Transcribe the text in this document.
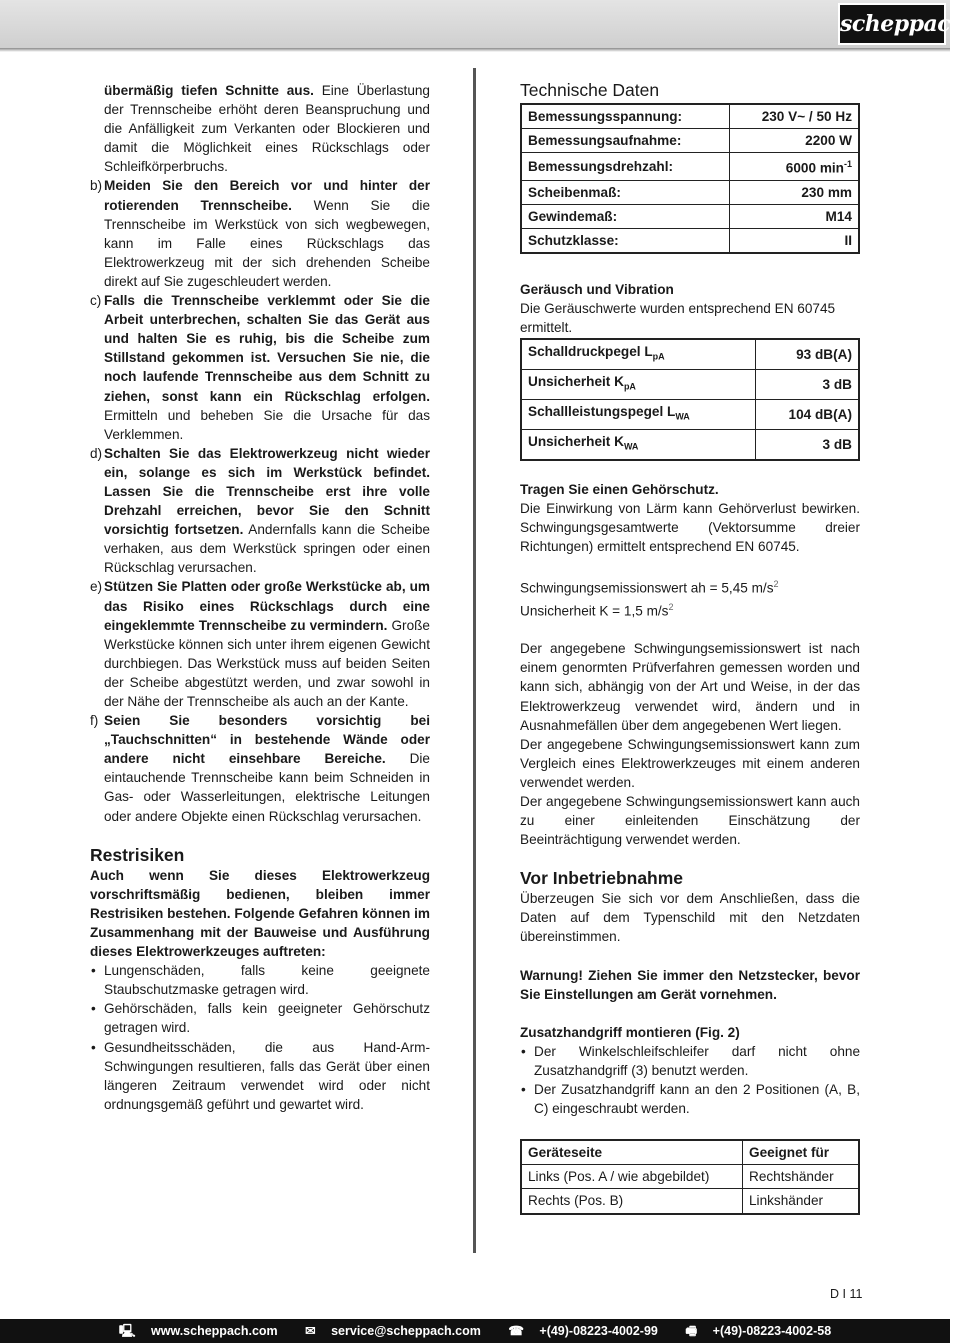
scheppach

übermäßig tiefen Schnitte aus. Eine Überlastung der Trennscheibe erhöht deren Beanspruchung und die Anfälligkeit zum Verkanten oder Blockieren und damit die Möglichkeit eines Rückschlags oder Schleifkörperbruchs.

b) Meiden Sie den Bereich vor und hinter der rotierenden Trennscheibe. Wenn Sie die Trennscheibe im Werkstück von sich wegbewegen, kann im Falle eines Rückschlags das Elektrowerkzeug mit der sich drehenden Scheibe direkt auf Sie zugeschleudert werden.
c) Falls die Trennscheibe verklemmt oder Sie die Arbeit unterbrechen, schalten Sie das Gerät aus und halten Sie es ruhig, bis die Scheibe zum Stillstand gekommen ist. Versuchen Sie nie, die noch laufende Trennscheibe aus dem Schnitt zu ziehen, sonst kann ein Rückschlag erfolgen. Ermitteln und beheben Sie die Ursache für das Verklemmen.
d) Schalten Sie das Elektrowerkzeug nicht wieder ein, solange es sich im Werkstück befindet. Lassen Sie die Trennscheibe erst ihre volle Drehzahl erreichen, bevor Sie den Schnitt vorsichtig fortsetzen. Andernfalls kann die Scheibe verhaken, aus dem Werkstück springen oder einen Rückschlag verursachen.
e) Stützen Sie Platten oder große Werkstücke ab, um das Risiko eines Rückschlags durch eine eingeklemmte Trennscheibe zu vermindern. Große Werkstücke können sich unter ihrem eigenen Gewicht durchbiegen. Das Werkstück muss auf beiden Seiten der Scheibe abgestützt werden, und zwar sowohl in der Nähe der Trennscheibe als auch an der Kante.
f) Seien Sie besonders vorsichtig bei „Tauchschnitten“ in bestehende Wände oder andere nicht einsehbare Bereiche. Die eintauchende Trennscheibe kann beim Schneiden in Gas- oder Wasserleitungen, elektrische Leitungen oder andere Objekte einen Rückschlag verursachen.
Restrisiken

Auch wenn Sie dieses Elektrowerkzeug vorschriftsmäßig bedienen, bleiben immer Restrisiken bestehen. Folgende Gefahren können im Zusammenhang mit der Bauweise und Ausführung dieses Elektrowerkzeuges auftreten:

• Lungenschäden, falls keine geeignete Staubschutzmaske getragen wird.
• Gehörschäden, falls kein geeigneter Gehörschutz getragen wird.
• Gesundheitsschäden, die aus Hand-Arm- Schwingungen resultieren, falls das Gerät über einen längeren Zeitraum verwendet wird oder nicht ordnungsgemäß geführt und gewartet wird.
Technische Daten
Bemessungsspannung:	230 V~ / 50 Hz
Bemessungsaufnahme:	2200 W
Bemessungsdrehzahl:	6000 $\min^{-1}$
Scheibenmaß:	230 mm
Gewindemaß:	M14
Schutzklasse:	II

Geräusch und Vibration

Die Geräuschwerte wurden entsprechend EN 60745 ermittelt.

Schalldruckpegel $L_{pA}$	93 dB(A)
Unsicherheit $K_{pA}$	3 dB
Schallleistungspegel $L_{WA}$	104 dB(A)
Unsicherheit $K_{WA}$	3 dB

Tragen Sie einen Gehörschutz.

Die Einwirkung von Lärm kann Gehörverlust bewirken. Schwingungsgesamtwerte (Vektorsumme dreier Richtungen) ermittelt entsprechend EN 60745.

Schwingungsemissionswert ah = 5,45 $m/s^2$

Unsicherheit K = 1,5 $m/s^2$

Der angegebene Schwingungsemissionswert ist nach einem genormten Prüfverfahren gemessen worden und kann sich, abhängig von der Art und Weise, in der das Elektrowerkzeug verwendet wird, ändern und in Ausnahmefällen über dem angegebenen Wert liegen.

Der angegebene Schwingungsemissionswert kann zum Vergleich eines Elektrowerkzeuges mit einem anderen verwendet werden.

Der angegebene Schwingungsemissionswert kann auch zu einer einleitenden Einschätzung der Beeinträchtigung verwendet werden.

Vor Inbetriebnahme

Überzeugen Sie sich vor dem Anschließen, dass die Daten auf dem Typenschild mit den Netzdaten übereinstimmen.

Warnung! Ziehen Sie immer den Netzstecker, bevor Sie Einstellungen am Gerät vornehmen.

Zusatzhandgriff montieren (Fig. 2)

• Der Winkelschleifschleifer darf nicht ohne Zusatzhandgriff (3) benutzt werden.
• Der Zusatzhandgriff kann an den 2 Positionen (A, B, C) eingeschraubt werden.
Geräteseite	Geeignet für
Links (Pos. A / wie abgebildet)	Rechtshänder
Rechts (Pos. B)	Linkshänder
D I 11
🖳 www.scheppach.com ✉ service@scheppach.com ☎ +(49)-08223-4002-99 🖷 +(49)-08223-4002-58
